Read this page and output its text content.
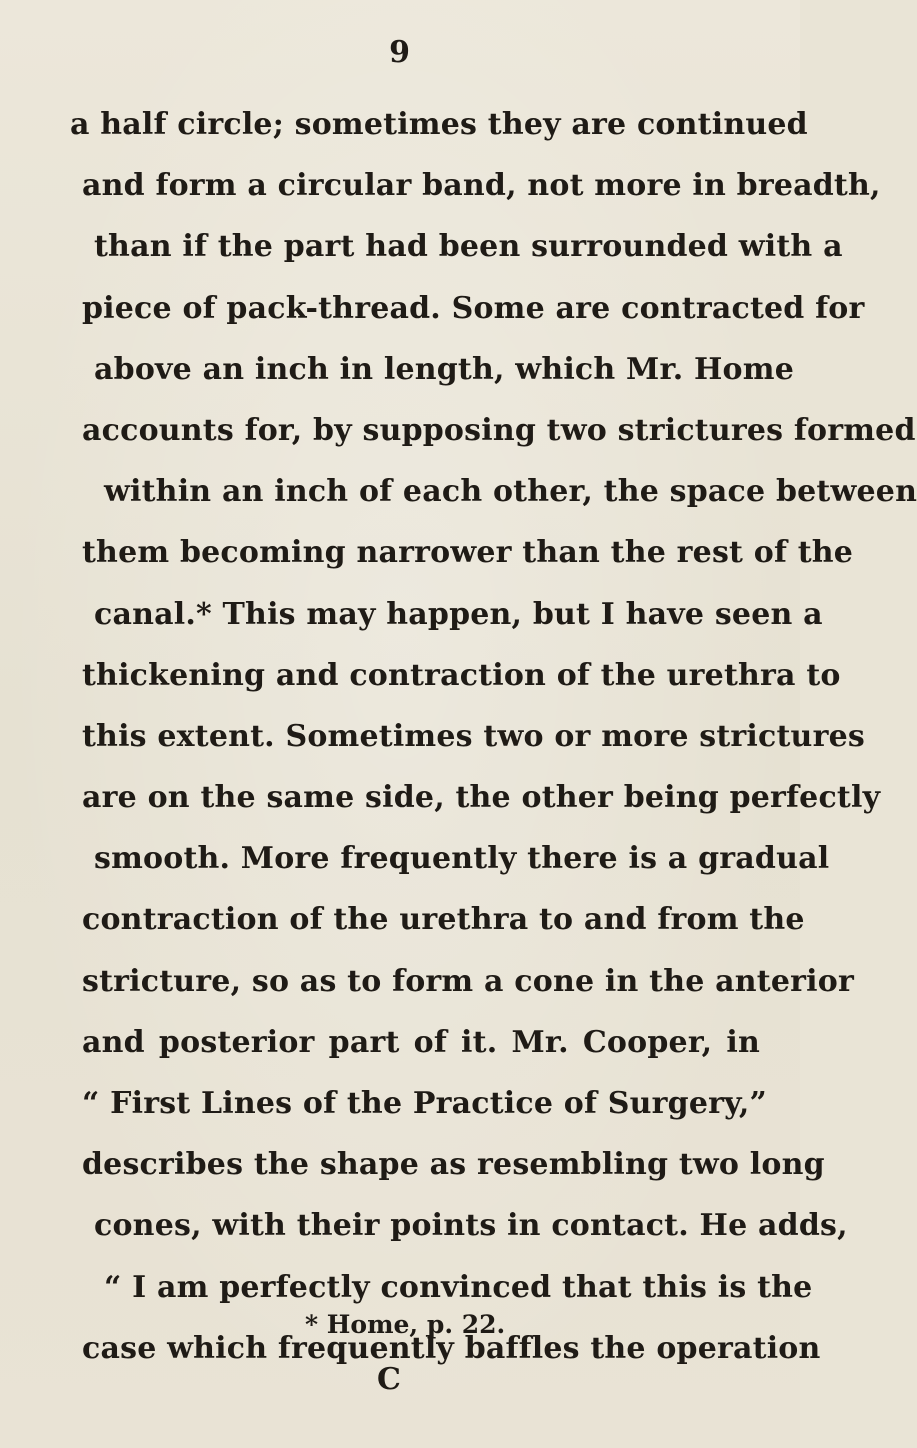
9
a half circle; sometimes they are continued
and form a circular band, not more in breadth,
than if the part had been surrounded with a
piece of pack-thread. Some are contracted for
above an inch in length, which Mr. Home
accounts for, by supposing two strictures formed
within an inch of each other, the space between
them becoming narrower than the rest of the
canal.* This may happen, but I have seen a
thickening and contraction of the urethra to
this extent. Sometimes two or more strictures
are on the same side, the other being perfectly
smooth. More frequently there is a gradual
contraction of the urethra to and from the
stricture, so as to form a cone in the anterior
and posterior part of it. Mr. Cooper, in
“ First Lines of the Practice of Surgery,”
describes the shape as resembling two long
cones, with their points in contact. He adds,
“ I am perfectly convinced that this is the
case which frequently baffles the operation
* Home, p. 22.
C
